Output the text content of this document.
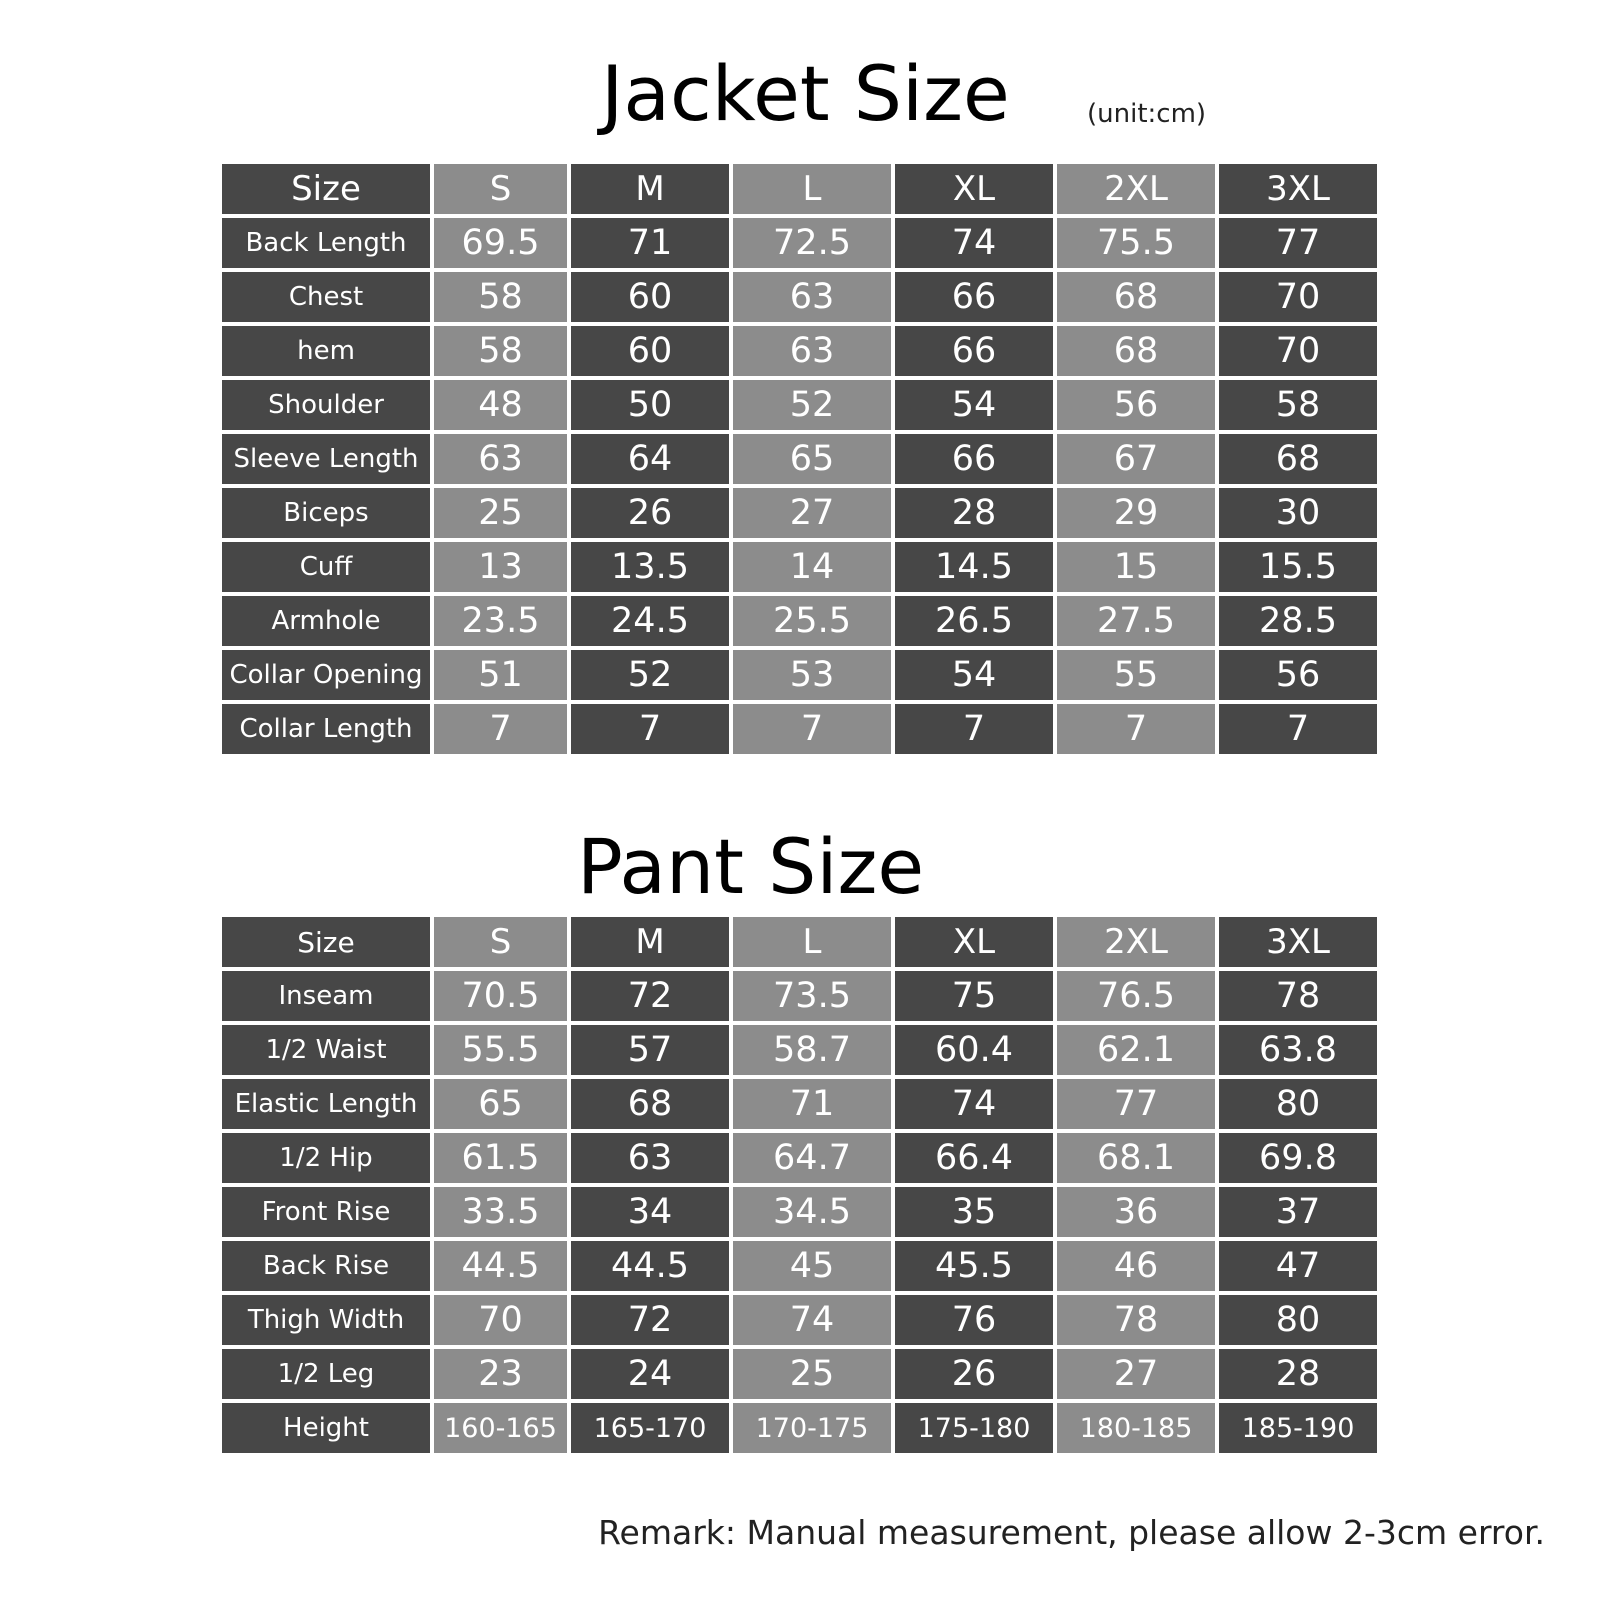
Jacket Size	(unit:cm)
Size	S	M	L	XL	2XL	3XL
Back Length	69.5	71	72.5	74	75.5	77
Chest	58	60	63	66	68	70
hem	58	60	63	66	68	70
Shoulder	48	50	52	54	56	58
Sleeve Length	63	64	65	66	67	68
Biceps	25	26	27	28	29	30
Cuff	13	13.5	14	14.5	15	15.5
Armhole	23.5	24.5	25.5	26.5	27.5	28.5
Collar Opening	51	52	53	54	55	56
Collar Length	7	7	7	7	7	7
Pant Size
Size	S	M	L	XL	2XL	3XL
Inseam	70.5	72	73.5	75	76.5	78
1/2 Waist	55.5	57	58.7	60.4	62.1	63.8
Elastic Length	65	68	71	74	77	80
1/2 Hip	61.5	63	64.7	66.4	68.1	69.8
Front Rise	33.5	34	34.5	35	36	37
Back Rise	44.5	44.5	45	45.5	46	47
Thigh Width	70	72	74	76	78	80
1/2 Leg	23	24	25	26	27	28
Height	160-165	165-170	170-175	175-180	180-185	185-190
Remark: Manual measurement, please allow 2-3cm error.
